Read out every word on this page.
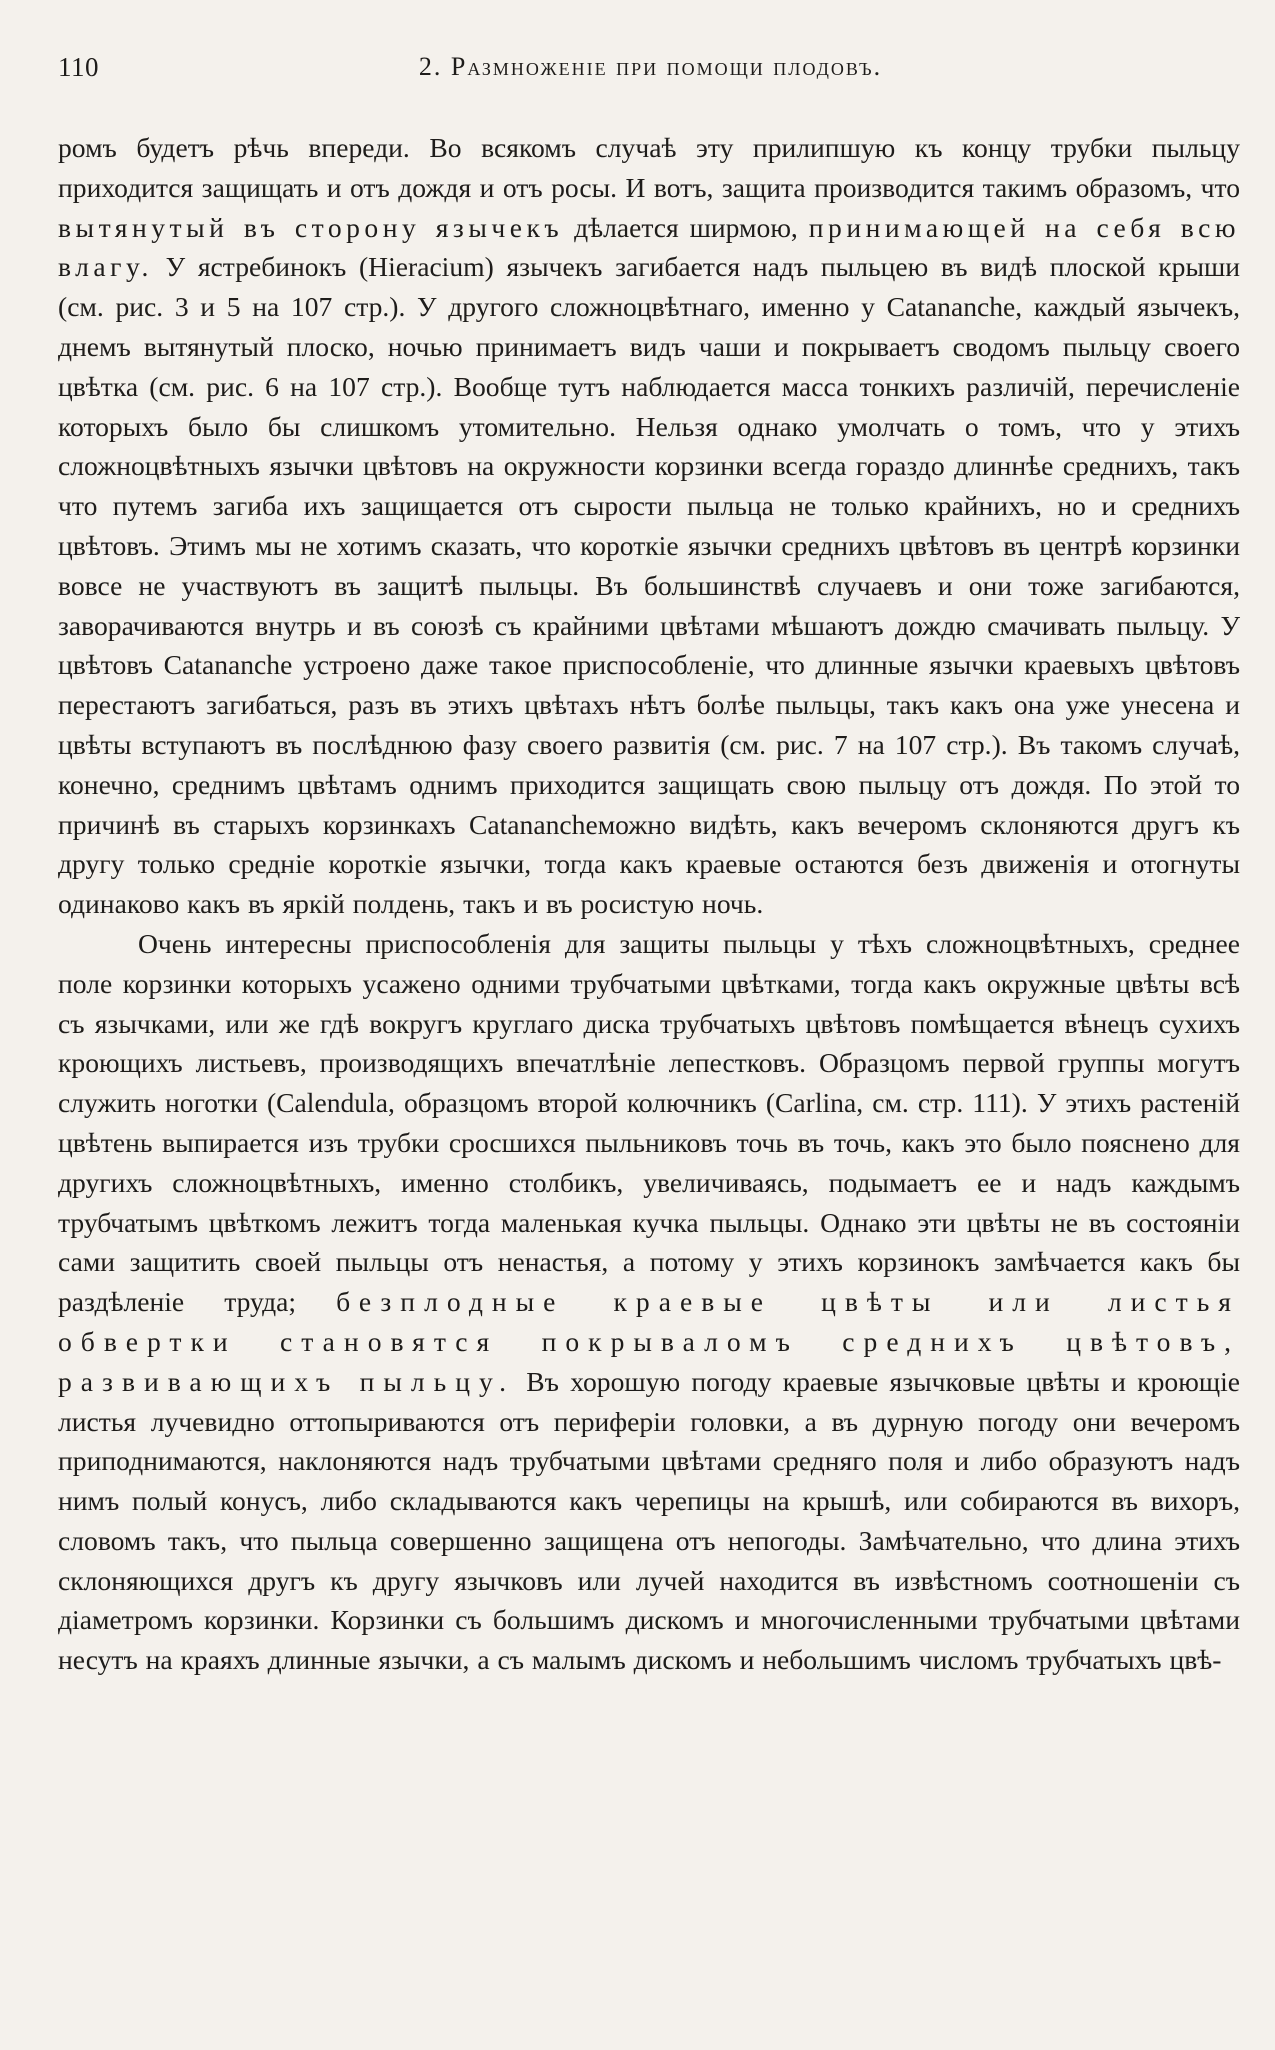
110	2. Размноженіе при помощи плодовъ.

ромъ будетъ рѣчь впереди. Во всякомъ случаѣ эту прилипшую къ концу трубки пыльцу приходится защищать и отъ дождя и отъ росы. И вотъ, защита производится такимъ образомъ, что вытянутый въ сторону язычекъ дѣлается ширмою, принимающей на себя всю влагу. У ястребинокъ (Hieracium) язычекъ загибается надъ пыльцею въ видѣ плоской крыши (см. рис. 3 и 5 на 107 стр.). У другого сложноцвѣтнаго, именно у Catananche, каждый язычекъ, днемъ вытянутый плоско, ночью принимаетъ видъ чаши и покрываетъ сводомъ пыльцу своего цвѣтка (см. рис. 6 на 107 стр.). Вообще тутъ наблюдается масса тонкихъ различій, перечисленіе которыхъ было бы слишкомъ утомительно. Нельзя однако умолчать о томъ, что у этихъ сложноцвѣтныхъ язычки цвѣтовъ на окружности корзинки всегда гораздо длиннѣе среднихъ, такъ что путемъ загиба ихъ защищается отъ сырости пыльца не только крайнихъ, но и среднихъ цвѣтовъ. Этимъ мы не хотимъ сказать, что короткіе язычки среднихъ цвѣтовъ въ центрѣ корзинки вовсе не участвуютъ въ защитѣ пыльцы. Въ большинствѣ случаевъ и они тоже загибаются, заворачиваются внутрь и въ союзѣ съ крайними цвѣтами мѣшаютъ дождю смачивать пыльцу. У цвѣтовъ Catananche устроено даже такое приспособленіе, что длинные язычки краевыхъ цвѣтовъ перестаютъ загибаться, разъ въ этихъ цвѣтахъ нѣтъ болѣе пыльцы, такъ какъ она уже унесена и цвѣты вступаютъ въ послѣднюю фазу своего развитія (см. рис. 7 на 107 стр.). Въ такомъ случаѣ, конечно, среднимъ цвѣтамъ однимъ приходится защищать свою пыльцу отъ дождя. По этой то причинѣ въ старыхъ корзинкахъ Catanancheможно видѣть, какъ вечеромъ склоняются другъ къ другу только средніе короткіе язычки, тогда какъ краевые остаются безъ движенія и отогнуты одинаково какъ въ яркій полдень, такъ и въ росистую ночь.

Очень интересны приспособленія для защиты пыльцы у тѣхъ сложноцвѣтныхъ, среднее поле корзинки которыхъ усажено одними трубчатыми цвѣтками, тогда какъ окружные цвѣты всѣ съ язычками, или же гдѣ вокругъ круглаго диска трубчатыхъ цвѣтовъ помѣщается вѣнецъ сухихъ кроющихъ листьевъ, производящихъ впечатлѣніе лепестковъ. Образцомъ первой группы могутъ служить ноготки (Calendula, образцомъ второй колючникъ (Carlina, см. стр. 111). У этихъ растеній цвѣтень выпирается изъ трубки сросшихся пыльниковъ точь въ точь, какъ это было пояснено для другихъ сложноцвѣтныхъ, именно столбикъ, увеличиваясь, подымаетъ ее и надъ каждымъ трубчатымъ цвѣткомъ лежитъ тогда маленькая кучка пыльцы. Однако эти цвѣты не въ состояніи сами защитить своей пыльцы отъ ненастья, а потому у этихъ корзинокъ замѣчается какъ бы раздѣленіе труда; безплодные краевые цвѣты или листья обвертки становятся покрываломъ среднихъ цвѣтовъ, развивающихъ пыльцу. Въ хорошую погоду краевые язычковые цвѣты и кроющіе листья лучевидно оттопыриваются отъ периферіи головки, а въ дурную погоду они вечеромъ приподнимаются, наклоняются надъ трубчатыми цвѣтами средняго поля и либо образуютъ надъ нимъ полый конусъ, либо складываются какъ черепицы на крышѣ, или собираются въ вихоръ, словомъ такъ, что пыльца совершенно защищена отъ непогоды. Замѣчательно, что длина этихъ склоняющихся другъ къ другу язычковъ или лучей находится въ извѣстномъ соотношеніи съ діаметромъ корзинки. Корзинки съ большимъ дискомъ и многочисленными трубчатыми цвѣтами несутъ на краяхъ длинные язычки, а съ малымъ дискомъ и небольшимъ числомъ трубчатыхъ цвѣ-
